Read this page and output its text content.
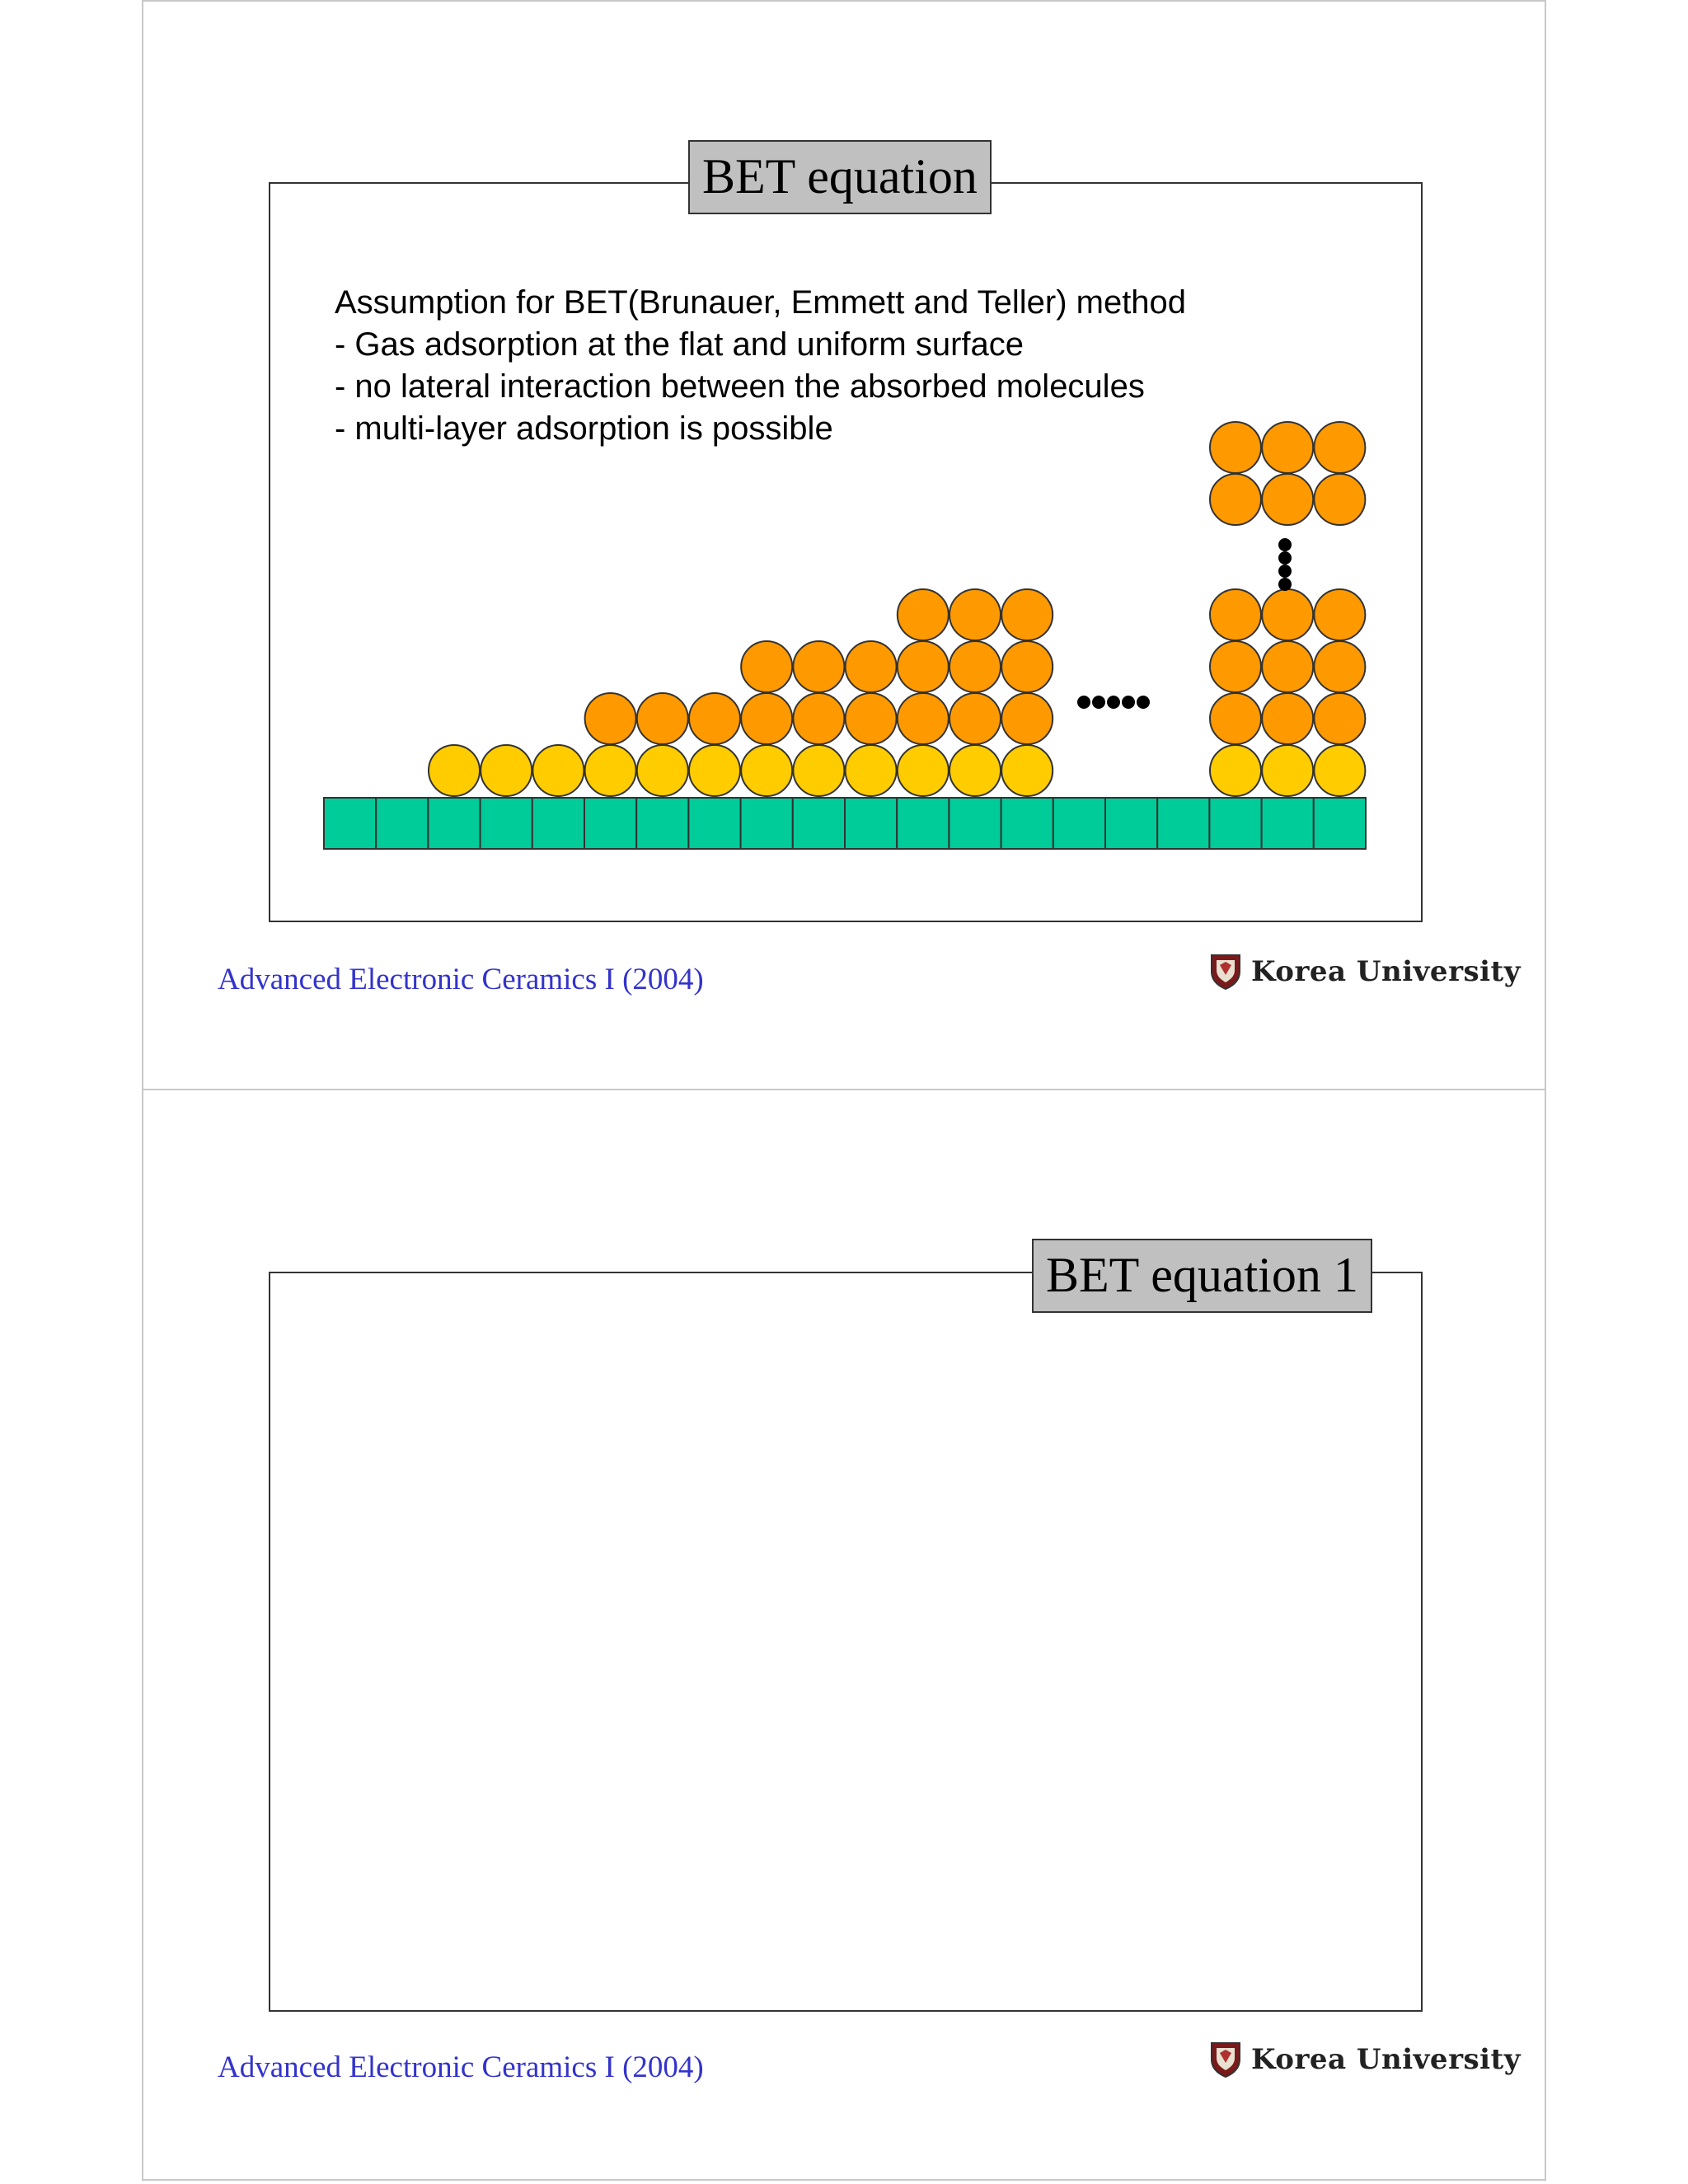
BET equation
Assumption for BET(Brunauer, Emmett and Teller) method
- Gas adsorption at the flat and uniform surface
- no lateral interaction between the absorbed molecules
- multi-layer adsorption is possible
Advanced Electronic Ceramics I (2004)	Korea University
BET equation 1
Advanced Electronic Ceramics I (2004)	Korea University
